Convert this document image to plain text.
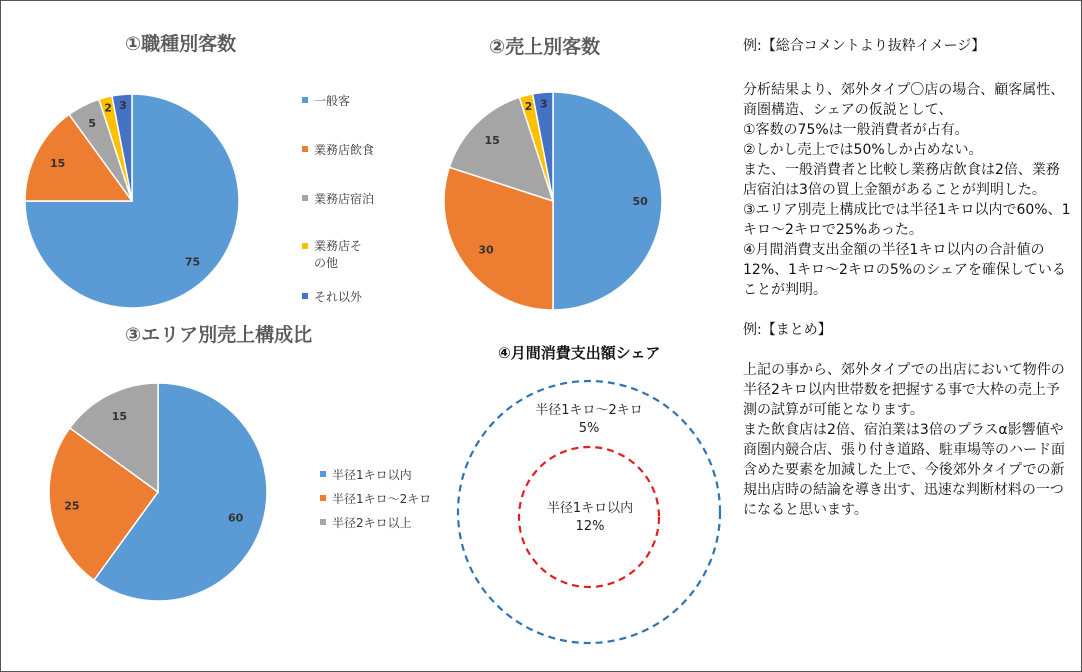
①職種別客数
75
15
5
2 3	一般客
業務店飲食
業務店宿泊
業務店その他
それ以外
②売上別客数
50
30
15
2 3
③エリア別売上構成比
60
25
15
半径1キロ以内
半径1キロ〜2キロ
半径2キロ以上
④月間消費支出額シェア
半径1キロ〜2キロ
5%
半径1キロ以内
12%

例:【総合コメントより抜粋イメージ】

分析結果より、郊外タイプ〇店の場合、顧客属性、商圏構造、シェアの仮説として、

①客数の75%は一般消費者が占有。

②しかし売上では50%しか占めない。

また、一般消費者と比較し業務店飲食は2倍、業務店宿泊は3倍の買上金額があることが判明した。

③エリア別売上構成比では半径1キロ以内で60%、1キロ〜2キロで25%あった。

④月間消費支出金額の半径1キロ以内の合計値の12%、1キロ〜2キロの5%のシェアを確保していることが判明。

例:【まとめ】

上記の事から、郊外タイプでの出店において物件の半径2キロ以内世帯数を把握する事で大枠の売上予測の試算が可能となります。

また飲食店は2倍、宿泊業は3倍のプラスα影響値や商圏内競合店、張り付き道路、駐車場等のハード面含めた要素を加減した上で、今後郊外タイプでの新規出店時の結論を導き出す、迅速な判断材料の一つになると思います。
